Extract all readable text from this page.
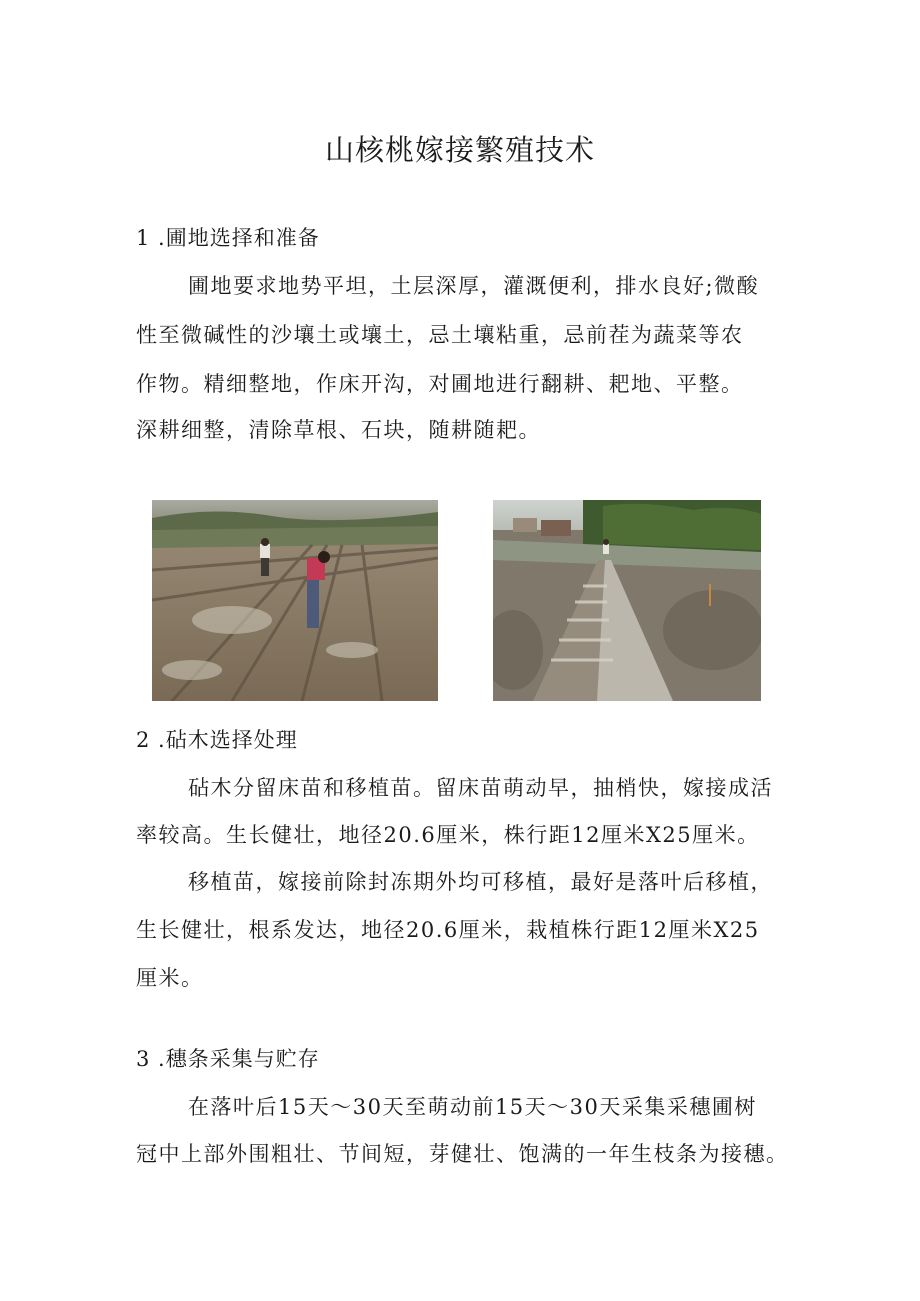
山核桃嫁接繁殖技术
1 .圃地选择和准备
圃地要求地势平坦，土层深厚，灌溉便利，排水良好;微酸
性至微碱性的沙壤土或壤土，忌土壤粘重，忌前茬为蔬菜等农
作物。精细整地，作床开沟，对圃地进行翻耕、耙地、平整。
深耕细整，清除草根、石块，随耕随耙。
2 .砧木选择处理
砧木分留床苗和移植苗。留床苗萌动早，抽梢快，嫁接成活
率较高。生长健壮，地径20.6厘米，株行距12厘米X25厘米。
移植苗，嫁接前除封冻期外均可移植，最好是落叶后移植，
生长健壮，根系发达，地径20.6厘米，栽植株行距12厘米X25
厘米。
3 .穗条采集与贮存
在落叶后15天～30天至萌动前15天～30天采集采穗圃树
冠中上部外围粗壮、节间短，芽健壮、饱满的一年生枝条为接穗。
